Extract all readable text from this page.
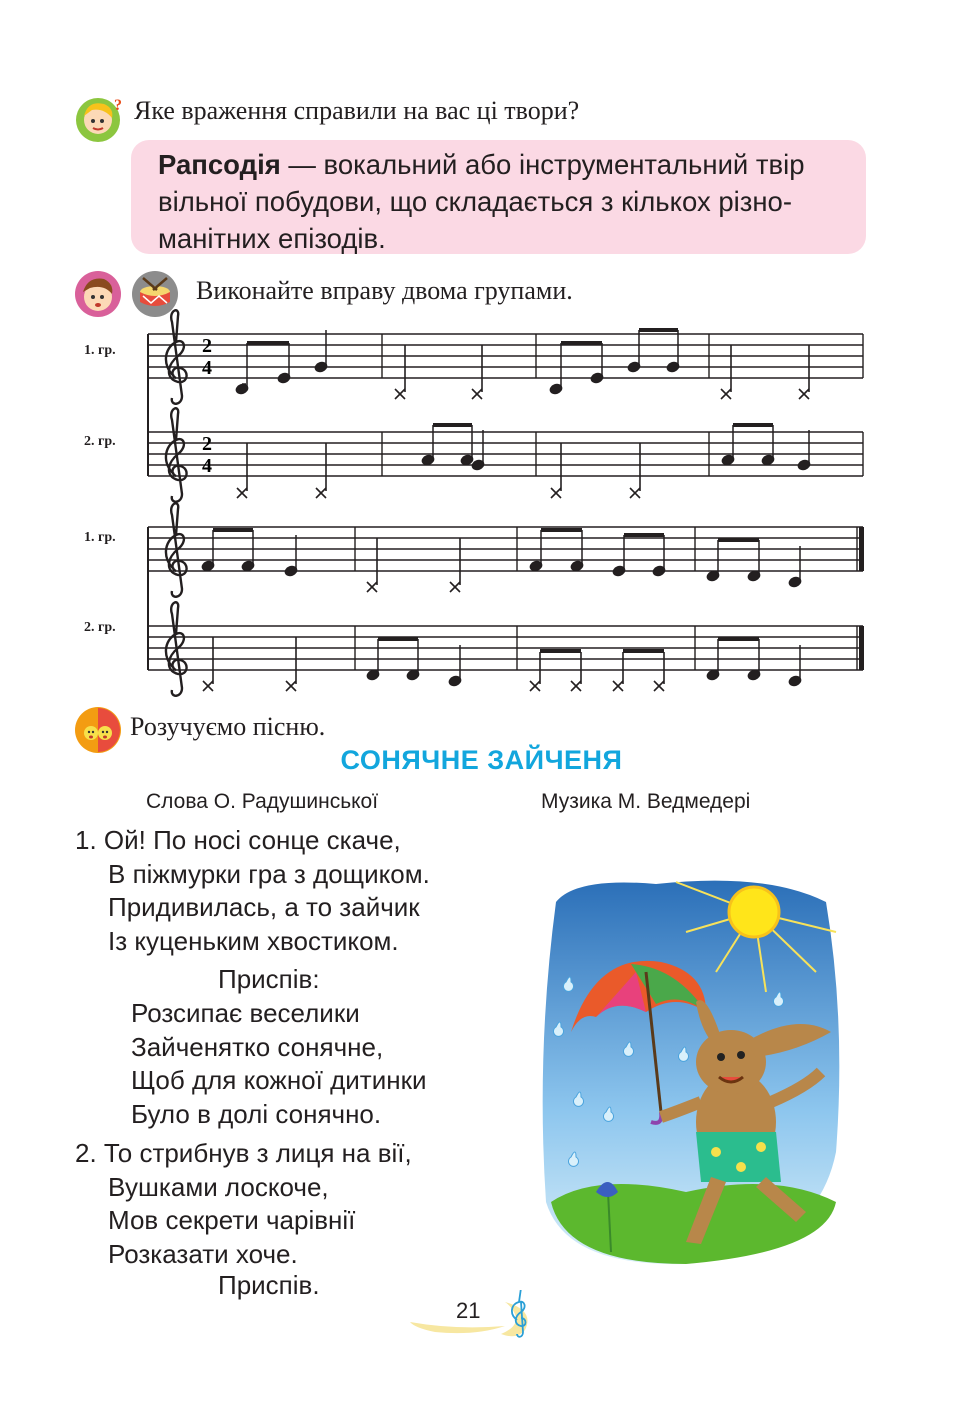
? Яке враження справили на вас ці твори?
Рапсодія — вокальний або інструментальний твір
вільної побудови, що складається з кількох різно-
манітних епізодів.
Виконайте вправу двома групами.
1. гр.
2. гр.
1. гр.
2. гр.
2
4
2
4
Розучуємо пісню.
СОНЯЧНЕ ЗАЙЧЕНЯ
Слова О. Радушинської	Музика М. Ведмедері
1. Ой! По носі сонце скаче,
В піжмурки гра з дощиком.
Придивилась, а то зайчик
Із куценьким хвостиком.
Приспів:
Розсипає веселики
Зайченятко сонячне,
Щоб для кожної дитинки
Було в долі сонячно.
2. То стрибнув з лиця на вії,
Вушками лоскоче,
Мов секрети чарівнії
Розказати хоче.
Приспів.
21
